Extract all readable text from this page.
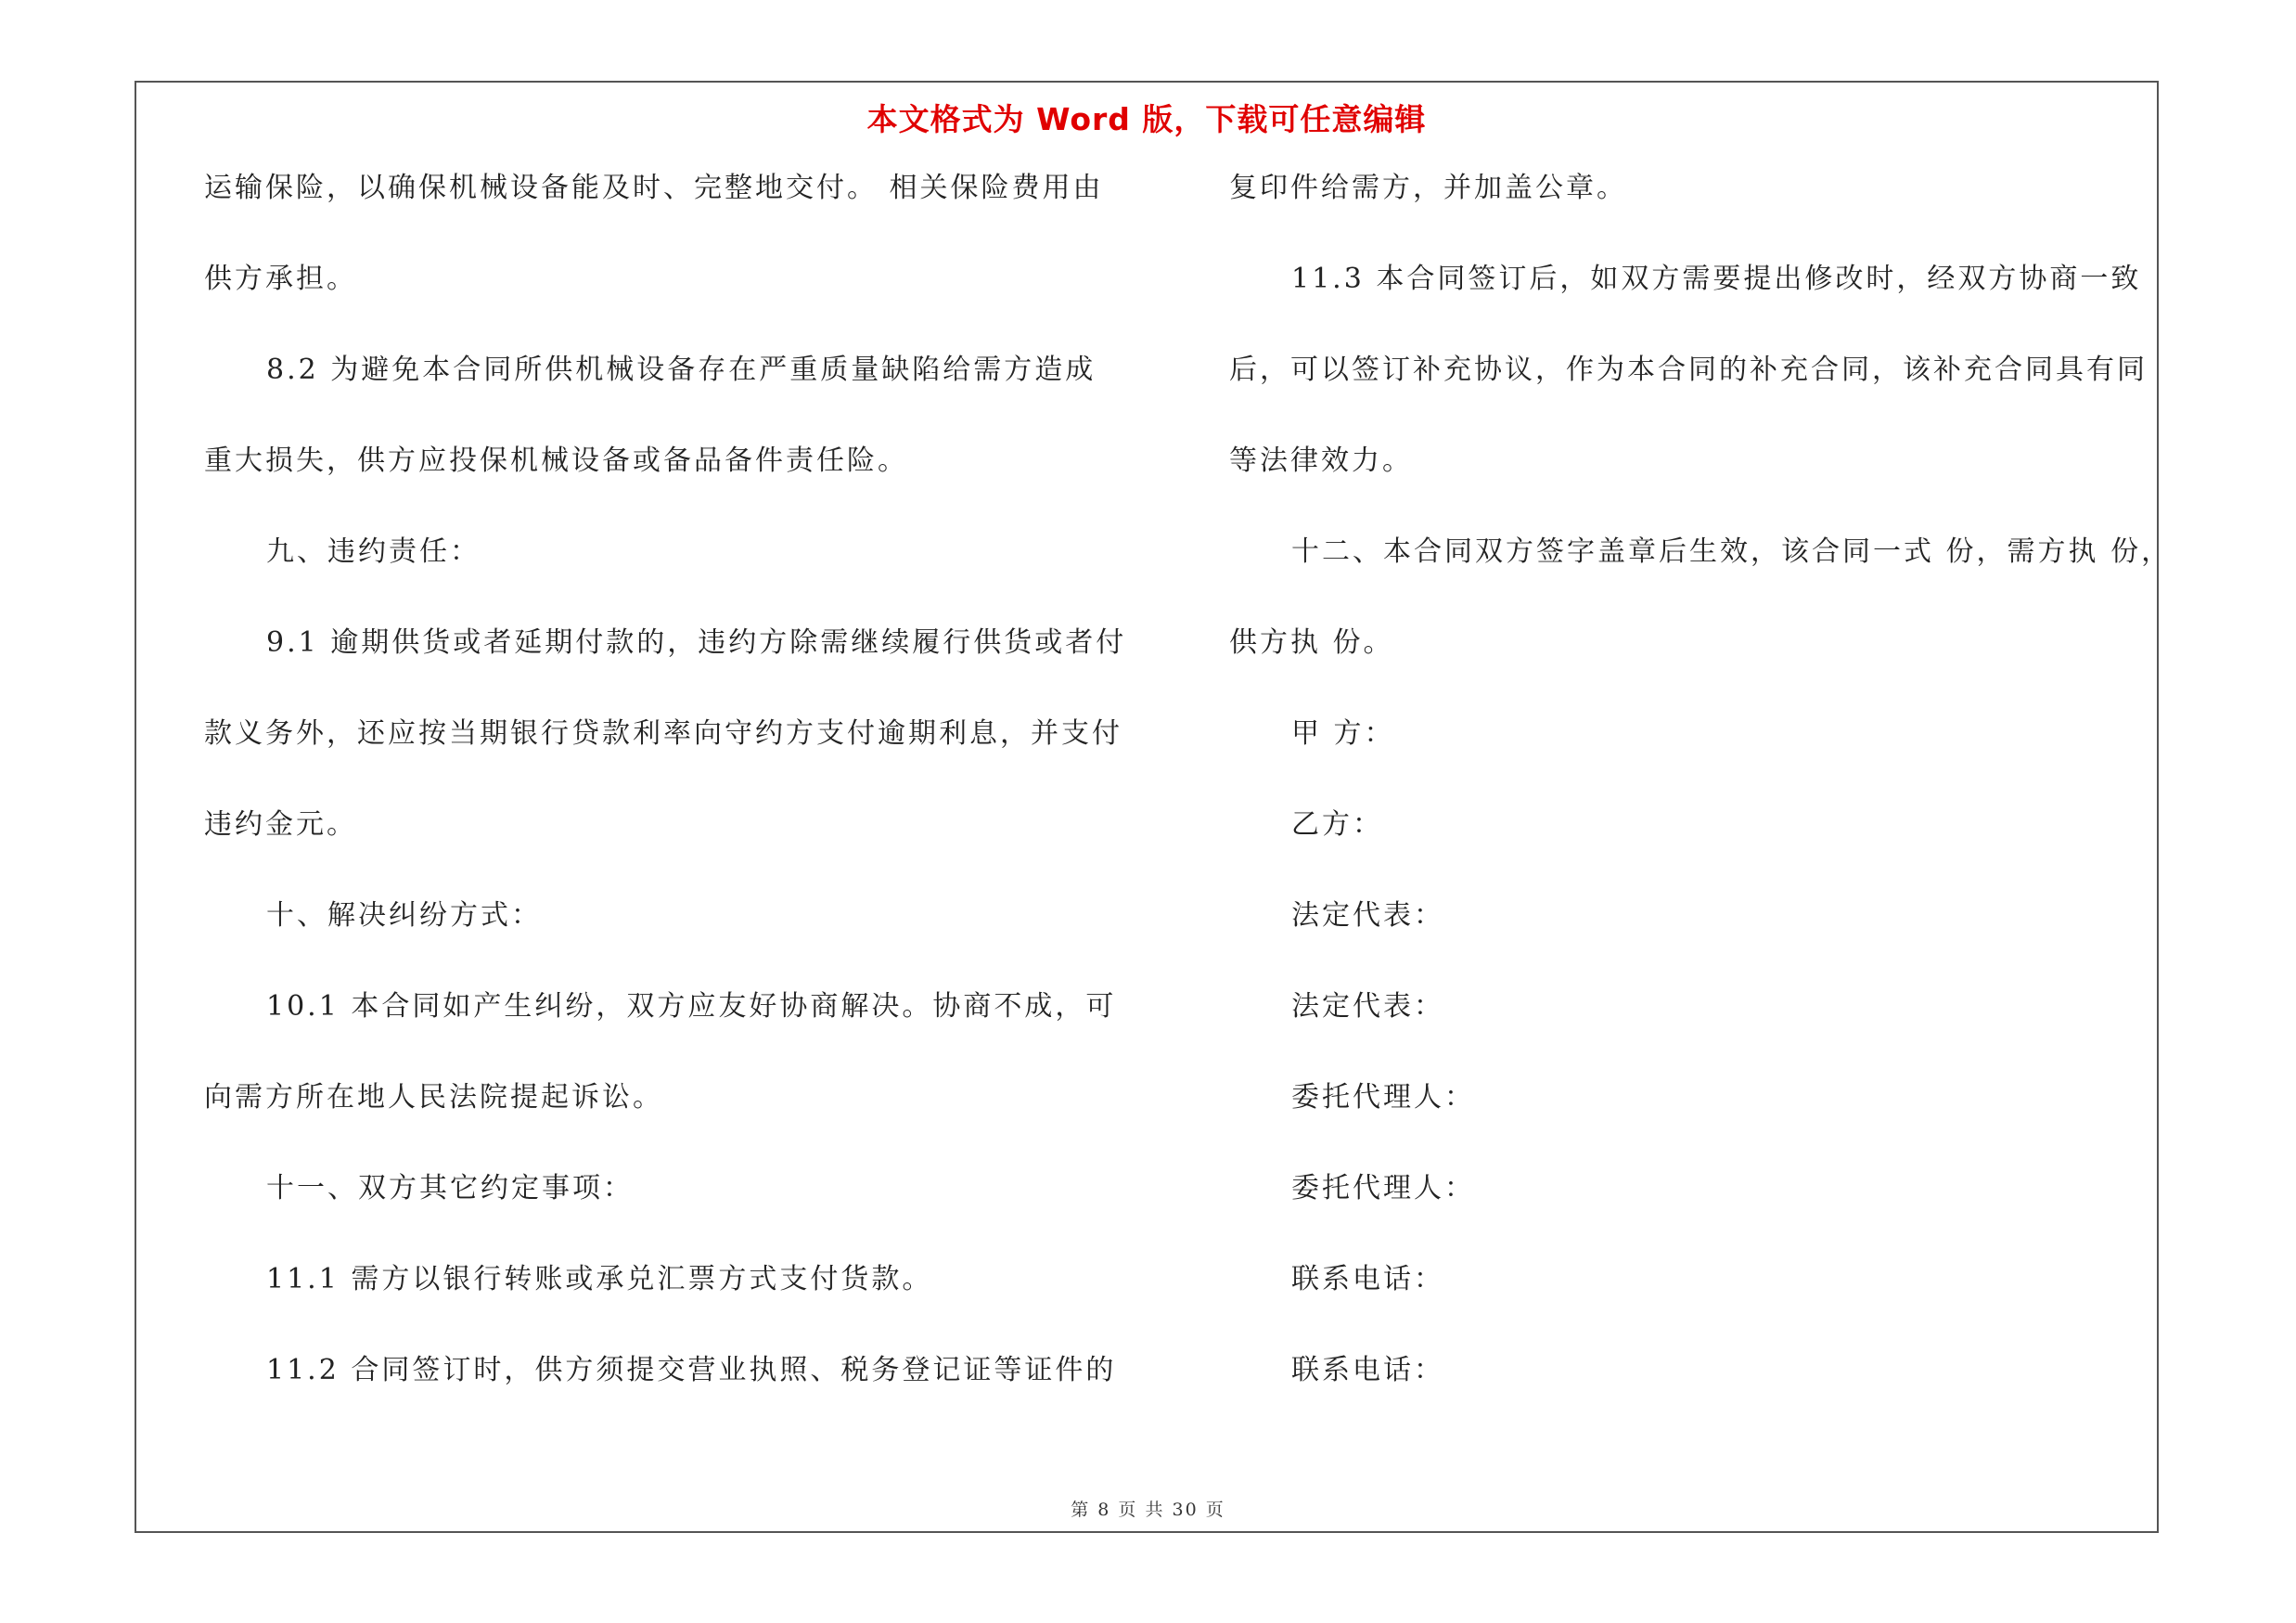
本文格式为 Word 版，下载可任意编辑
运输保险，以确保机械设备能及时、完整地交付。 相关保险费用由
供方承担。
8.2 为避免本合同所供机械设备存在严重质量缺陷给需方造成
重大损失，供方应投保机械设备或备品备件责任险。
九、违约责任：
9.1 逾期供货或者延期付款的，违约方除需继续履行供货或者付
款义务外，还应按当期银行贷款利率向守约方支付逾期利息，并支付
违约金元。
十、解决纠纷方式：
10.1 本合同如产生纠纷，双方应友好协商解决。协商不成，可
向需方所在地人民法院提起诉讼。
十一、双方其它约定事项：
11.1 需方以银行转账或承兑汇票方式支付货款。
11.2 合同签订时，供方须提交营业执照、税务登记证等证件的
复印件给需方，并加盖公章。
11.3 本合同签订后，如双方需要提出修改时，经双方协商一致
后，可以签订补充协议，作为本合同的补充合同，该补充合同具有同
等法律效力。
十二、本合同双方签字盖章后生效，该合同一式 份，需方执 份，
供方执 份。
甲 方：
乙方：
法定代表：
法定代表：
委托代理人：
委托代理人：
联系电话：
联系电话：
第 8 页 共 30 页
